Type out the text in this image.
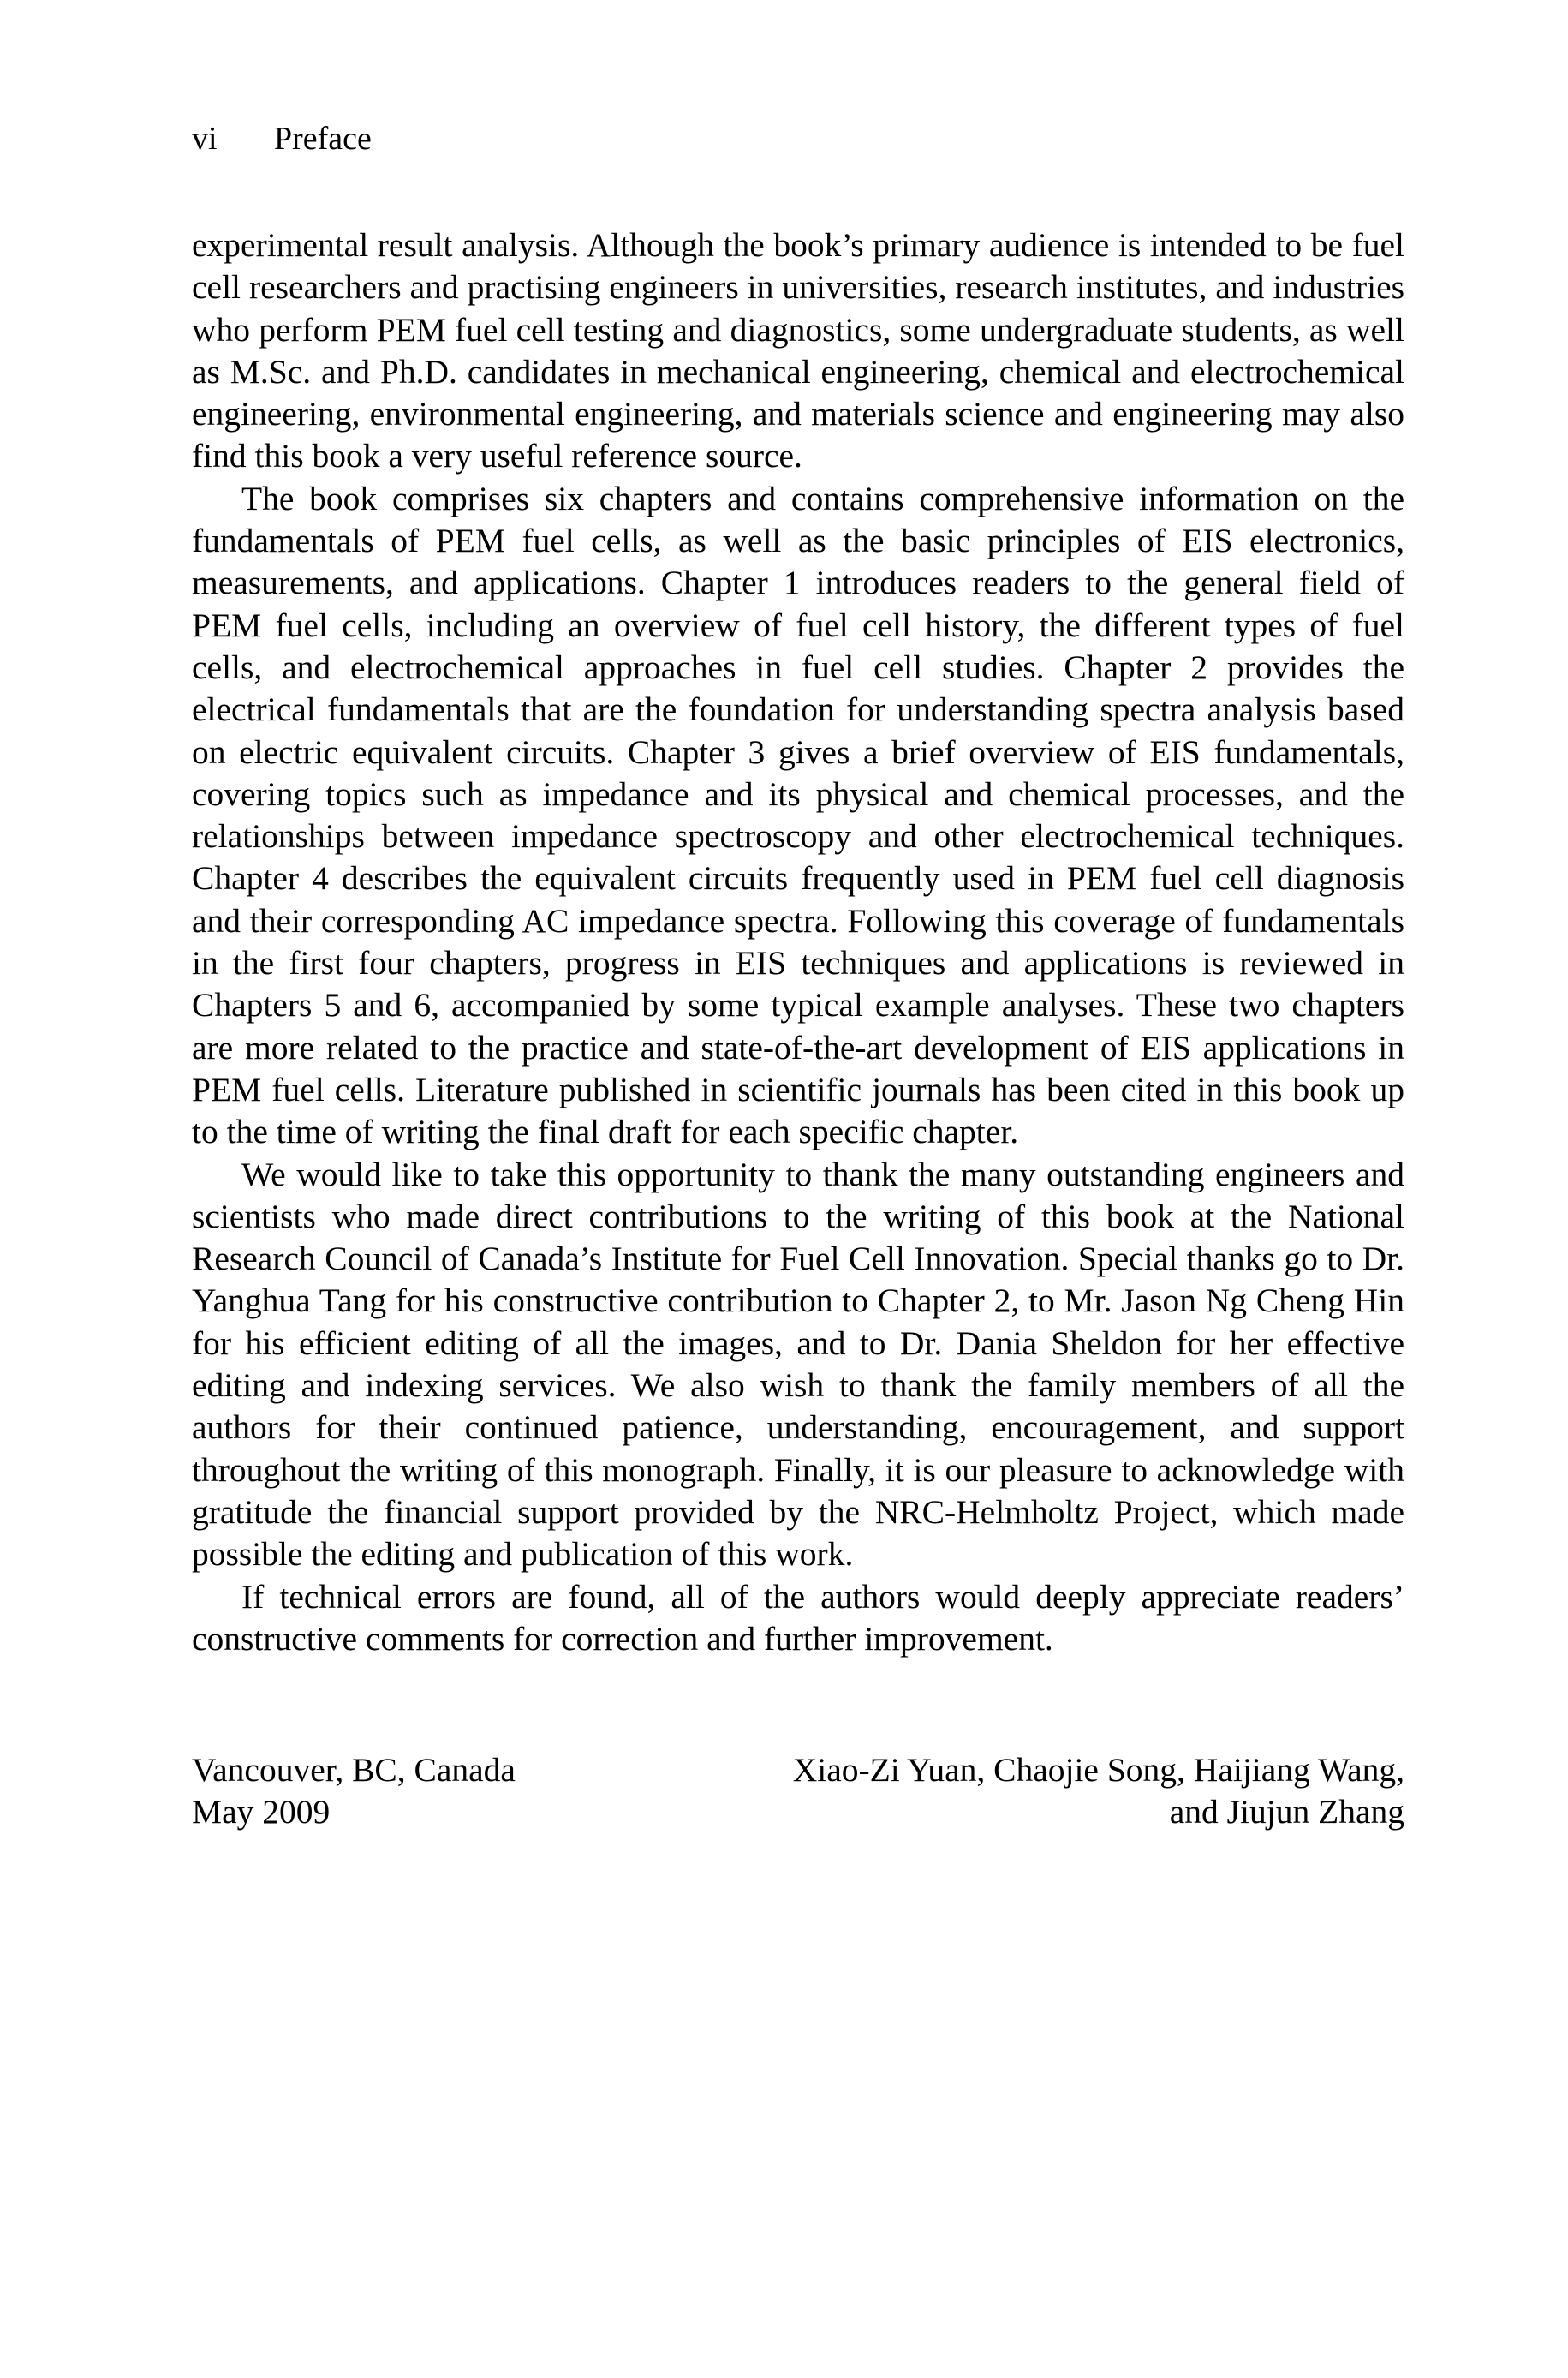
vi Preface

experimental result analysis. Although the book’s primary audience is intended to be fuel cell researchers and practising engineers in universities, research institutes, and industries who perform PEM fuel cell testing and diagnostics, some undergraduate students, as well as M.Sc. and Ph.D. candidates in mechanical engineering, chemical and electrochemical engineering, environmental engineering, and materials science and engineering may also find this book a very useful reference source.

The book comprises six chapters and contains comprehensive information on the fundamentals of PEM fuel cells, as well as the basic principles of EIS electronics, measurements, and applications. Chapter 1 introduces readers to the general field of PEM fuel cells, including an overview of fuel cell history, the different types of fuel cells, and electrochemical approaches in fuel cell studies. Chapter 2 provides the electrical fundamentals that are the foundation for understanding spectra analysis based on electric equivalent circuits. Chapter 3 gives a brief overview of EIS fundamentals, covering topics such as impedance and its physical and chemical processes, and the relationships between impedance spectroscopy and other electrochemical techniques. Chapter 4 describes the equivalent circuits frequently used in PEM fuel cell diagnosis and their corresponding AC impedance spectra. Following this coverage of fundamentals in the first four chapters, progress in EIS techniques and applications is reviewed in Chapters 5 and 6, accompanied by some typical example analyses. These two chapters are more related to the practice and state-of-the-art development of EIS applications in PEM fuel cells. Literature published in scientific journals has been cited in this book up to the time of writing the final draft for each specific chapter.

We would like to take this opportunity to thank the many outstanding engineers and scientists who made direct contributions to the writing of this book at the National Research Council of Canada’s Institute for Fuel Cell Innovation. Special thanks go to Dr. Yanghua Tang for his constructive contribution to Chapter 2, to Mr. Jason Ng Cheng Hin for his efficient editing of all the images, and to Dr. Dania Sheldon for her effective editing and indexing services. We also wish to thank the family members of all the authors for their continued patience, understanding, encouragement, and support throughout the writing of this monograph. Finally, it is our pleasure to acknowledge with gratitude the financial support provided by the NRC-Helmholtz Project, which made possible the editing and publication of this work.

If technical errors are found, all of the authors would deeply appreciate readers’ constructive comments for correction and further improvement.

Vancouver, BC, Canada
May 2009
Xiao-Zi Yuan, Chaojie Song, Haijiang Wang,
and Jiujun Zhang
